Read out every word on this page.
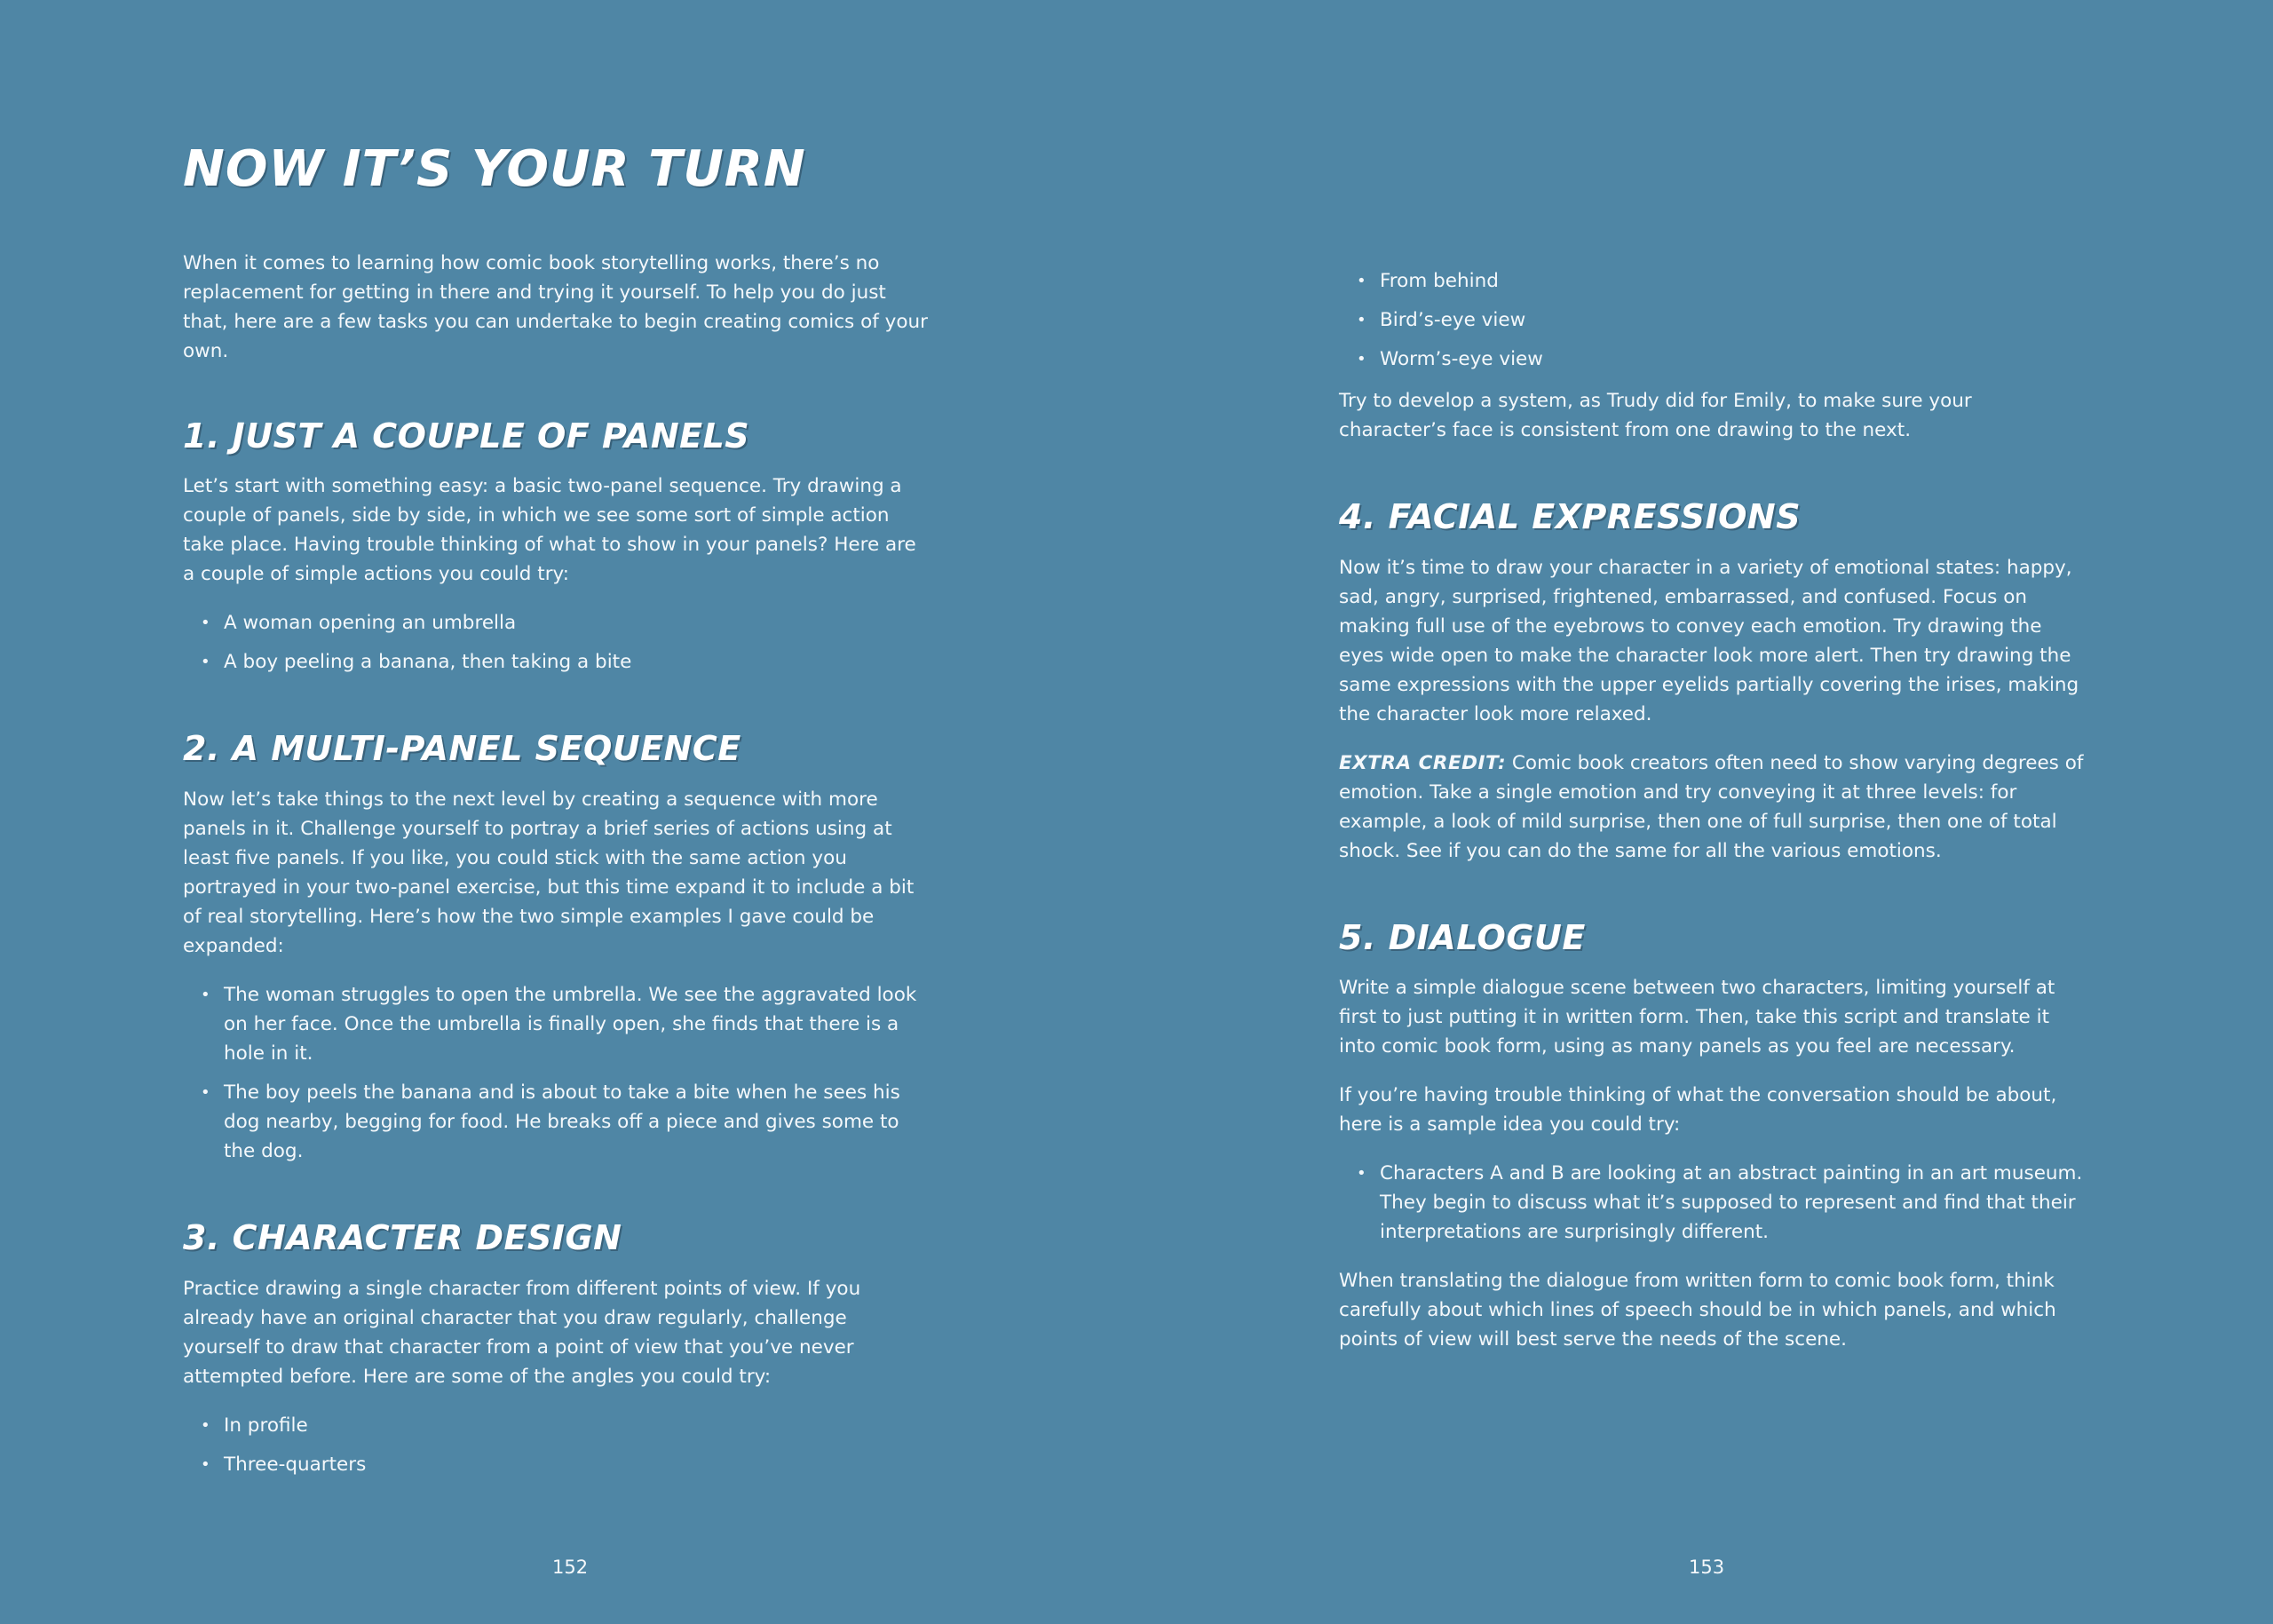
NOW IT’S YOUR TURN

When it comes to learning how comic book storytelling works, there’s no replacement for getting in there and trying it yourself. To help you do just that, here are a few tasks you can undertake to begin creating comics of your own.

1. JUST A COUPLE OF PANELS

Let’s start with something easy: a basic two-panel sequence. Try drawing a couple of panels, side by side, in which we see some sort of simple action take place. Having trouble thinking of what to show in your panels? Here are a couple of simple actions you could try:

• A woman opening an umbrella
• A boy peeling a banana, then taking a bite
2. A MULTI-PANEL SEQUENCE

Now let’s take things to the next level by creating a sequence with more panels in it. Challenge yourself to portray a brief series of actions using at least five panels. If you like, you could stick with the same action you portrayed in your two-panel exercise, but this time expand it to include a bit of real storytelling. Here’s how the two simple examples I gave could be expanded:

• The woman struggles to open the umbrella. We see the aggravated look on her face. Once the umbrella is finally open, she finds that there is a hole in it.
• The boy peels the banana and is about to take a bite when he sees his dog nearby, begging for food. He breaks off a piece and gives some to the dog.
3. CHARACTER DESIGN

Practice drawing a single character from different points of view. If you already have an original character that you draw regularly, challenge yourself to draw that character from a point of view that you’ve never attempted before. Here are some of the angles you could try:

• In profile
• Three-quarters
152
• From behind
• Bird’s-eye view
• Worm’s-eye view

Try to develop a system, as Trudy did for Emily, to make sure your character’s face is consistent from one drawing to the next.

4. FACIAL EXPRESSIONS

Now it’s time to draw your character in a variety of emotional states: happy, sad, angry, surprised, frightened, embarrassed, and confused. Focus on making full use of the eyebrows to convey each emotion. Try drawing the eyes wide open to make the character look more alert. Then try drawing the same expressions with the upper eyelids partially covering the irises, making the character look more relaxed.

EXTRA CREDIT: Comic book creators often need to show varying degrees of emotion. Take a single emotion and try conveying it at three levels: for example, a look of mild surprise, then one of full surprise, then one of total shock. See if you can do the same for all the various emotions.

5. DIALOGUE

Write a simple dialogue scene between two characters, limiting yourself at first to just putting it in written form. Then, take this script and translate it into comic book form, using as many panels as you feel are necessary.

If you’re having trouble thinking of what the conversation should be about, here is a sample idea you could try:

• Characters A and B are looking at an abstract painting in an art museum. They begin to discuss what it’s supposed to represent and find that their interpretations are surprisingly different.

When translating the dialogue from written form to comic book form, think carefully about which lines of speech should be in which panels, and which points of view will best serve the needs of the scene.

153
